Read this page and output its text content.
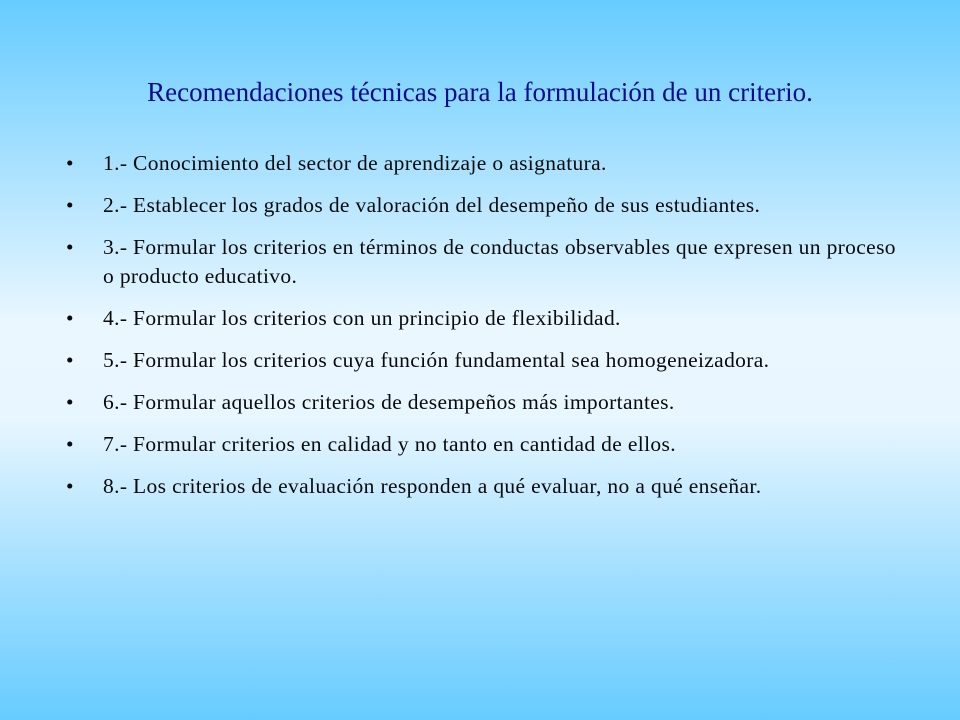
Recomendaciones técnicas para la formulación de un criterio.
•	1.- Conocimiento del sector de aprendizaje o asignatura.
•	2.- Establecer los grados de valoración del desempeño de sus estudiantes.
•	3.- Formular los criterios en términos de conductas observables que expresen un proceso o producto educativo.
•	4.- Formular los criterios con un principio de flexibilidad.
•	5.- Formular los criterios cuya función fundamental sea homogeneizadora.
•	6.- Formular aquellos criterios de desempeños más importantes.
•	7.- Formular criterios en calidad y no tanto en cantidad de ellos.
•	8.- Los criterios de evaluación responden a qué evaluar, no a qué enseñar.
